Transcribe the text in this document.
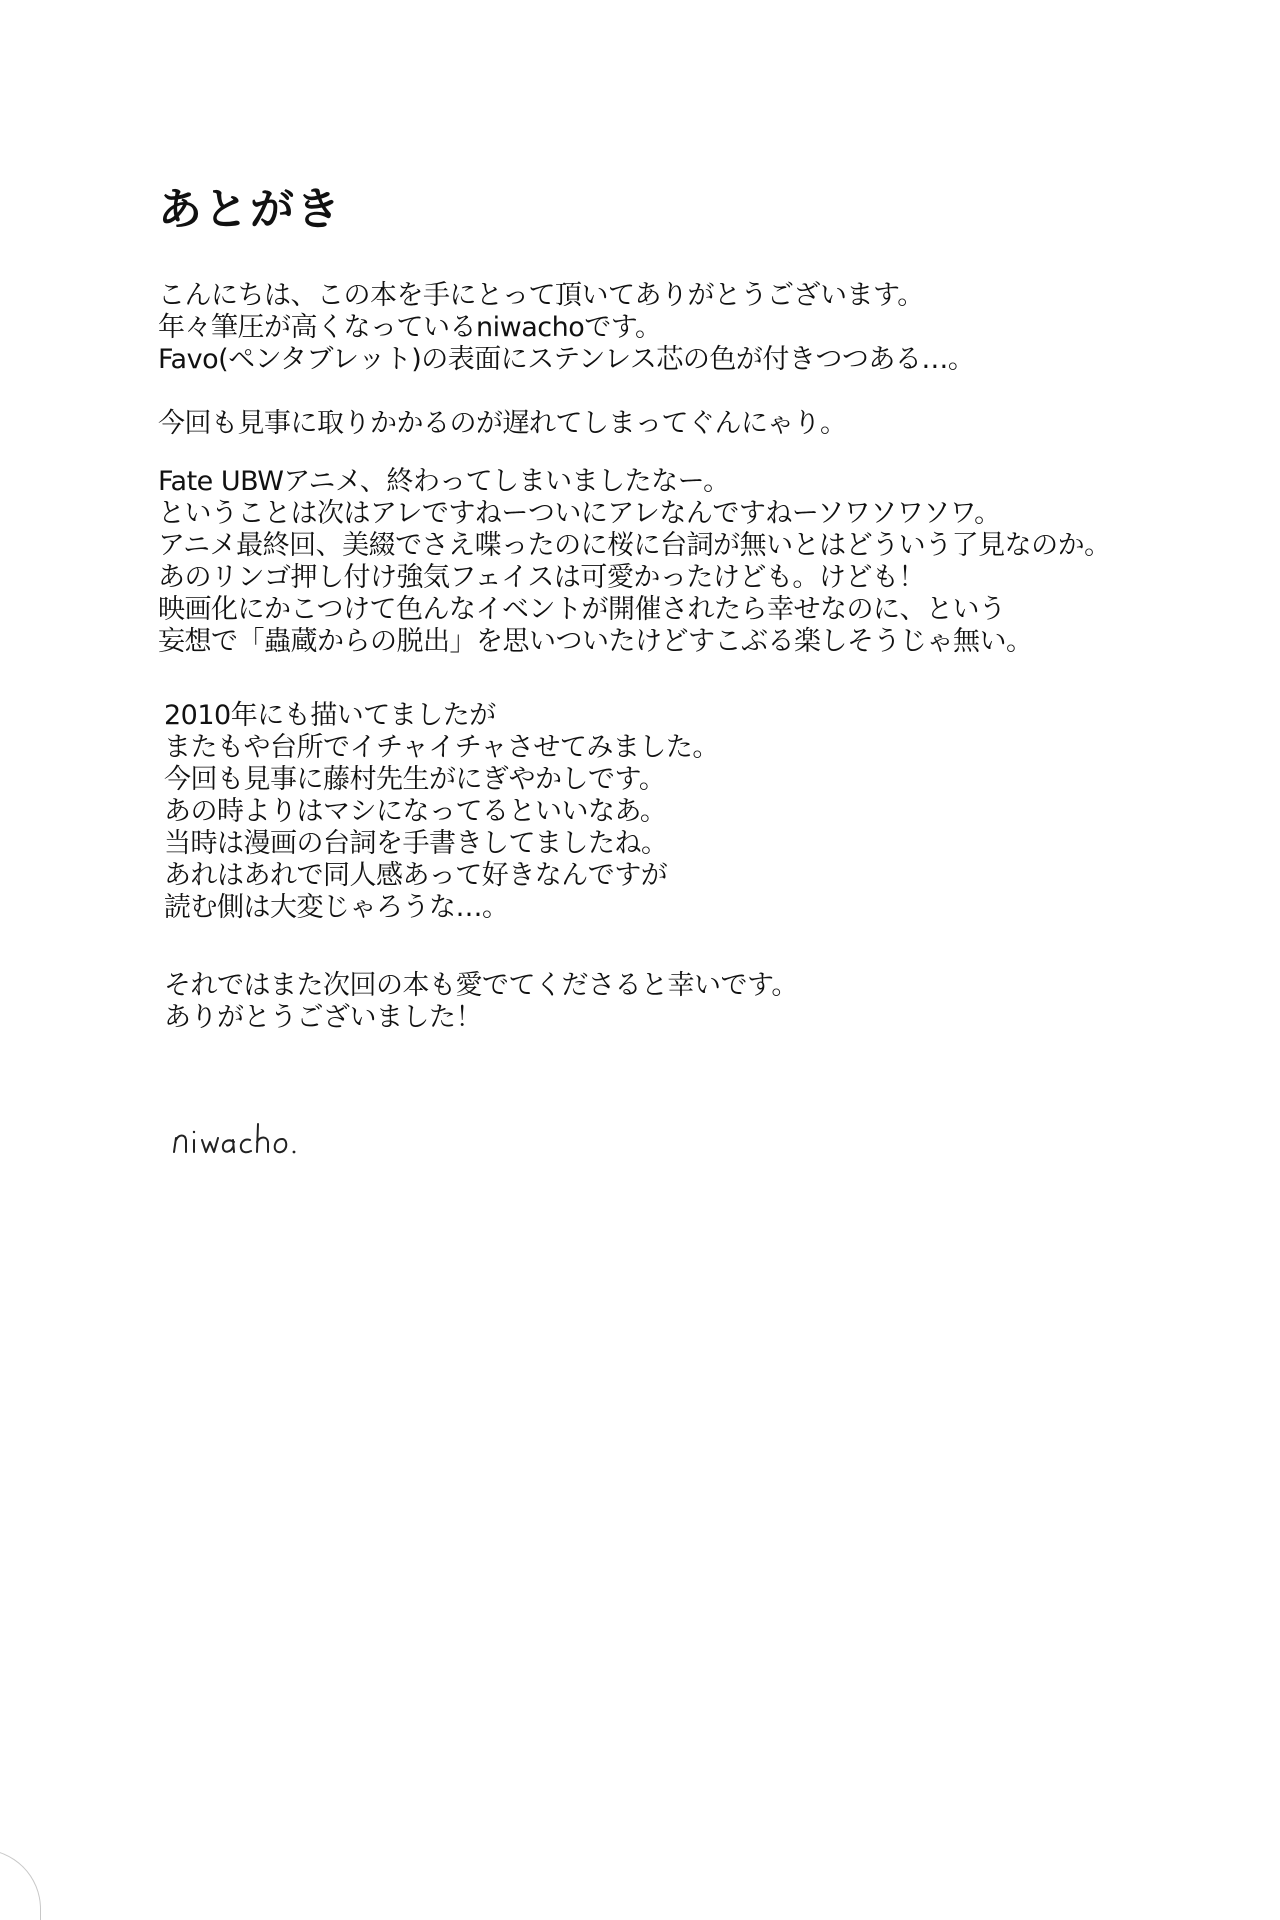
あとがき

こんにちは、この本を手にとって頂いてありがとうございます。
年々筆圧が高くなっているniwachoです。
Favo(ペンタブレット)の表面にステンレス芯の色が付きつつある…。

今回も見事に取りかかるのが遅れてしまってぐんにゃり。

Fate UBWアニメ、終わってしまいましたなー。
ということは次はアレですねーついにアレなんですねーソワソワソワ。
アニメ最終回、美綴でさえ喋ったのに桜に台詞が無いとはどういう了見なのか。
あのリンゴ押し付け強気フェイスは可愛かったけども。けども！
映画化にかこつけて色んなイベントが開催されたら幸せなのに、という
妄想で「蟲蔵からの脱出」を思いついたけどすこぶる楽しそうじゃ無い。

2010年にも描いてましたが
またもや台所でイチャイチャさせてみました。
今回も見事に藤村先生がにぎやかしです。
あの時よりはマシになってるといいなあ。
当時は漫画の台詞を手書きしてましたね。
あれはあれで同人感あって好きなんですが
読む側は大変じゃろうな…。

それではまた次回の本も愛でてくださると幸いです。
ありがとうございました！
